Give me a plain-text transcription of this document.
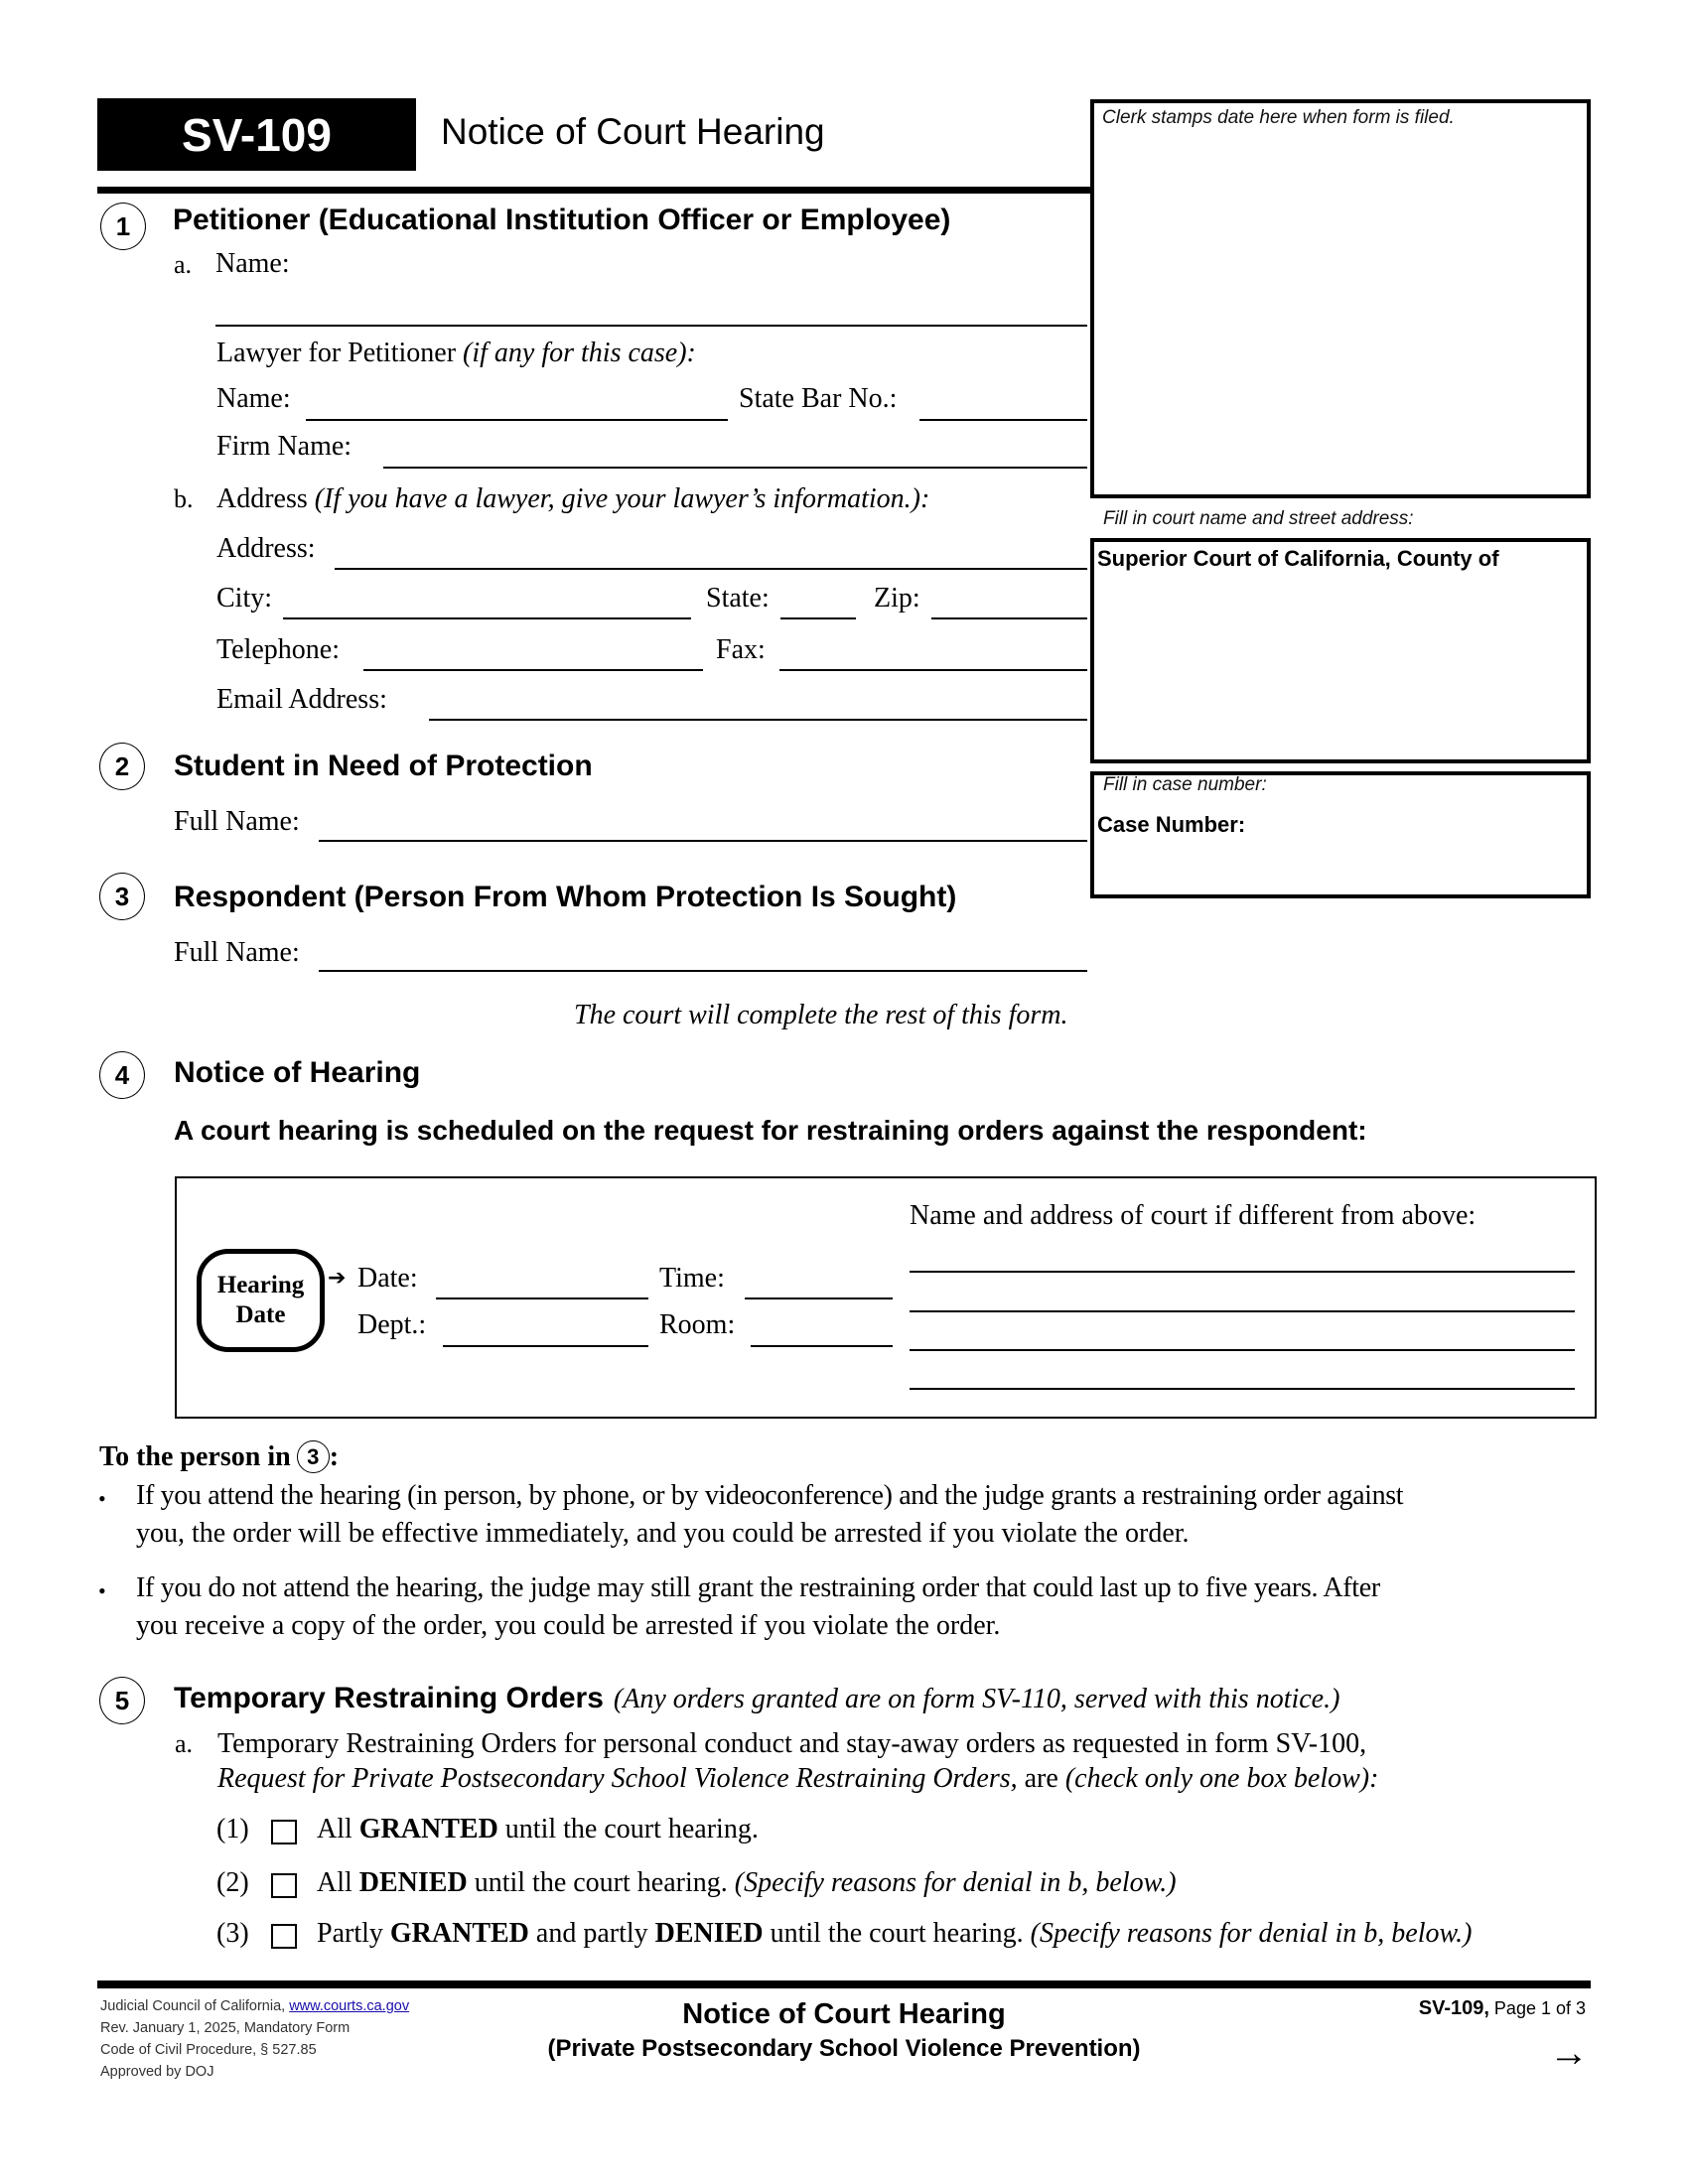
SV-109	Notice of Court Hearing	Clerk stamps date here when form is filed.
Fill in court name and street address:
Superior Court of California, County of
Fill in case number:
Case Number:
1 Petitioner (Educational Institution Officer or Employee)
a. Name:
Lawyer for Petitioner (if any for this case):
Name:	State Bar No.:
Firm Name:
b. Address (If you have a lawyer, give your lawyer’s information.):
Address:
City:	State:	Zip:
Telephone:	Fax:
Email Address:
2 Student in Need of Protection
Full Name:
3 Respondent (Person From Whom Protection Is Sought)
Full Name:
The court will complete the rest of this form.
4 Notice of Hearing
A court hearing is scheduled on the request for restraining orders against the respondent:
Hearing
Date
➔ Date:	Time:
Dept.:	Room:
Name and address of court if different from above:
To the person in 3 :
• If you attend the hearing (in person, by phone, or by videoconference) and the judge grants a restraining order against
you, the order will be effective immediately, and you could be arrested if you violate the order.
• If you do not attend the hearing, the judge may still grant the restraining order that could last up to five years. After
you receive a copy of the order, you could be arrested if you violate the order.
5 Temporary Restraining Orders (Any orders granted are on form SV-110, served with this notice.)
a. Temporary Restraining Orders for personal conduct and stay-away orders as requested in form SV-100,
Request for Private Postsecondary School Violence Restraining Orders, are (check only one box below):
(1) All GRANTED until the court hearing.
(2) All DENIED until the court hearing. (Specify reasons for denial in b, below.)
(3) Partly GRANTED and partly DENIED until the court hearing. (Specify reasons for denial in b, below.)
Judicial Council of California, www.courts.ca.gov
Rev. January 1, 2025, Mandatory Form
Code of Civil Procedure, § 527.85
Approved by DOJ
Notice of Court Hearing
(Private Postsecondary School Violence Prevention)
SV-109, Page 1 of 3
→
